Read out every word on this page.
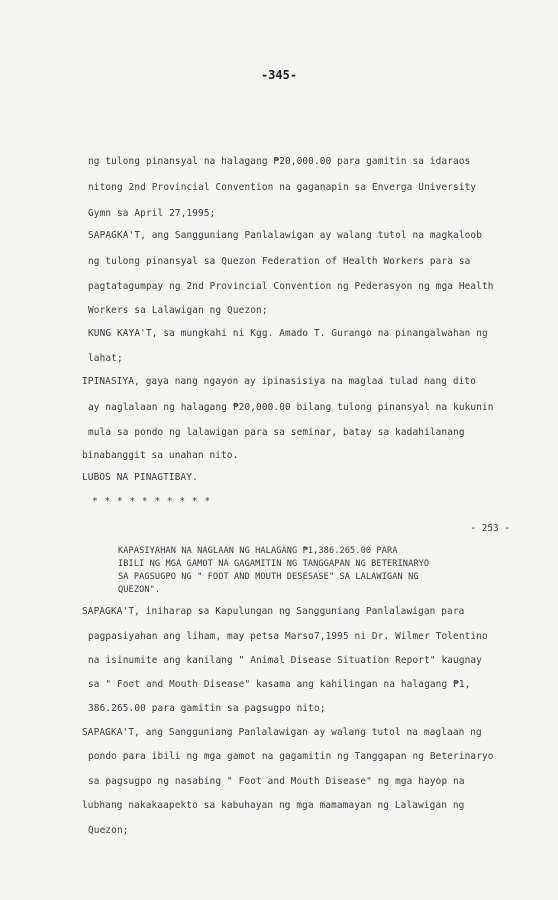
-345-
ng tulong pinansyal na halagang ₱20,000.00 para gamitin sa idaraos
nitong 2nd Provincial Convention na gaganapin sa Enverga University
Gymn sa April 27,1995;
SAPAGKA'T, ang Sangguniang Panlalawigan ay walang tutol na magkaloob
ng tulong pinansyal sa Quezon Federation of Health Workers para sa
pagtatagumpay ng 2nd Provincial Convention ng Pederasyon ng mga Health
Workers sa Lalawigan ng Quezon;
KUNG KAYA'T, sa mungkahi ni Kgg. Amado T. Gurango na pinangalwahan ng
lahat;
IPINASIYA, gaya nang ngayon ay ipinasisiya na maglaa tulad nang dito
ay naglalaan ng halagang ₱20,000.00 bilang tulong pinansyal na kukunin
mula sa pondo ng lalawigan para sa seminar, batay sa kadahilanang
binabanggit sa unahan nito.
LUBOS NA PINAGTIBAY.
* * * * * * * * * *
- 253 -
KAPASIYAHAN NA NAGLAAN NG HALAGANG ₱1,386.265.00 PARA
IBILI NG MGA GAMOT NA GAGAMITIN NG TANGGAPAN NG BETERINARYO
SA PAGSUGPO NG " FOOT AND MOUTH DESESASE" SA LALAWIGAN NG
QUEZON".
SAPAGKA'T, iniharap sa Kapulungan ng Sangguniang Panlalawigan para
pagpasiyahan ang liham, may petsa Marso7,1995 ni Dr. Wilmer Tolentino
na isinumite ang kanilang " Animal Disease Situation Report" kaugnay
sa " Foot and Mouth Disease" kasama ang kahilingan na halagang ₱1,
386.265.00 para gamitin sa pagsugpo nito;
SAPAGKA'T, ang Sangguniang Panlalawigan ay walang tutol na maglaan ng
pondo para ibili ng mga gamot na gagamitin ng Tanggapan ng Beterinaryo
sa pagsugpo ng nasabing " Foot and Mouth Disease" ng mga hayop na
lubhang nakakaapekto sa kabuhayan ng mga mamamayan ng Lalawigan ng
Quezon;
